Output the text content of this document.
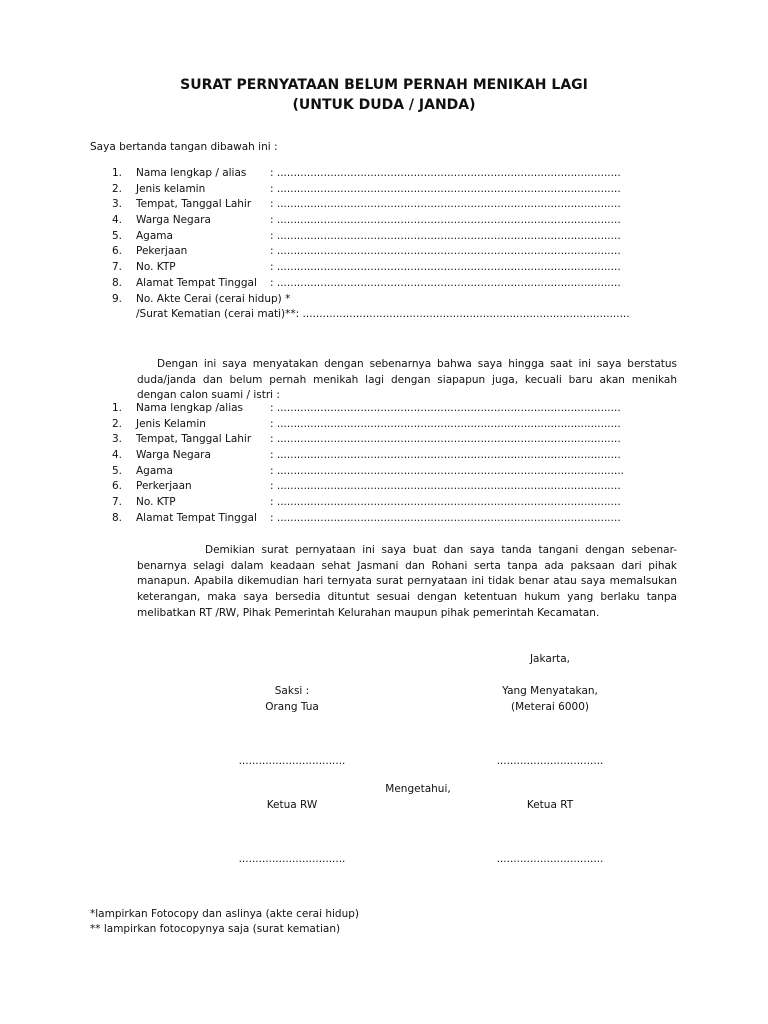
SURAT PERNYATAAN BELUM PERNAH MENIKAH LAGI
(UNTUK DUDA / JANDA)
Saya bertanda tangan dibawah ini :
1.	Nama lengkap / alias : .......................................................................................................
2.	Jenis kelamin	: .......................................................................................................
3.	Tempat, Tanggal Lahir : .......................................................................................................
4.	Warga Negara	: .......................................................................................................
5.	Agama	: .......................................................................................................
6.	Pekerjaan	: .......................................................................................................
7.	No. KTP	: .......................................................................................................
8.	Alamat Tempat Tinggal : .......................................................................................................
9.	No. Akte Cerai (cerai hidup) *
/Surat Kematian (cerai mati)**: ..................................................................................................
Dengan ini saya menyatakan dengan sebenarnya bahwa saya hingga saat ini saya berstatus duda/janda dan belum pernah menikah lagi dengan siapapun juga, kecuali baru akan menikah dengan calon suami / istri :
1.	Nama lengkap /alias	: .......................................................................................................
2.	Jenis Kelamin	: .......................................................................................................
3.	Tempat, Tanggal Lahir : .......................................................................................................
4.	Warga Negara	: .......................................................................................................
5.	Agama	: ........................................................................................................
6.	Perkerjaan	: .......................................................................................................
7.	No. KTP	: .......................................................................................................
8.	Alamat Tempat Tinggal : .......................................................................................................
Demikian surat pernyataan ini saya buat dan saya tanda tangani dengan sebenar-benarnya selagi dalam keadaan sehat Jasmani dan Rohani serta tanpa ada paksaan dari pihak manapun. Apabila dikemudian hari ternyata surat pernyataan ini tidak benar atau saya memalsukan keterangan, maka saya bersedia dituntut sesuai dengan ketentuan hukum yang berlaku tanpa melibatkan RT /RW, Pihak Pemerintah Kelurahan maupun pihak pemerintah Kecamatan.
Jakarta,
Saksi :
Orang Tua
Yang Menyatakan,
(Meterai 6000)
................................	................................
Mengetahui,
Ketua RW	Ketua RT
................................	................................
*lampirkan Fotocopy dan aslinya (akte cerai hidup)
** lampirkan fotocopynya saja (surat kematian)
